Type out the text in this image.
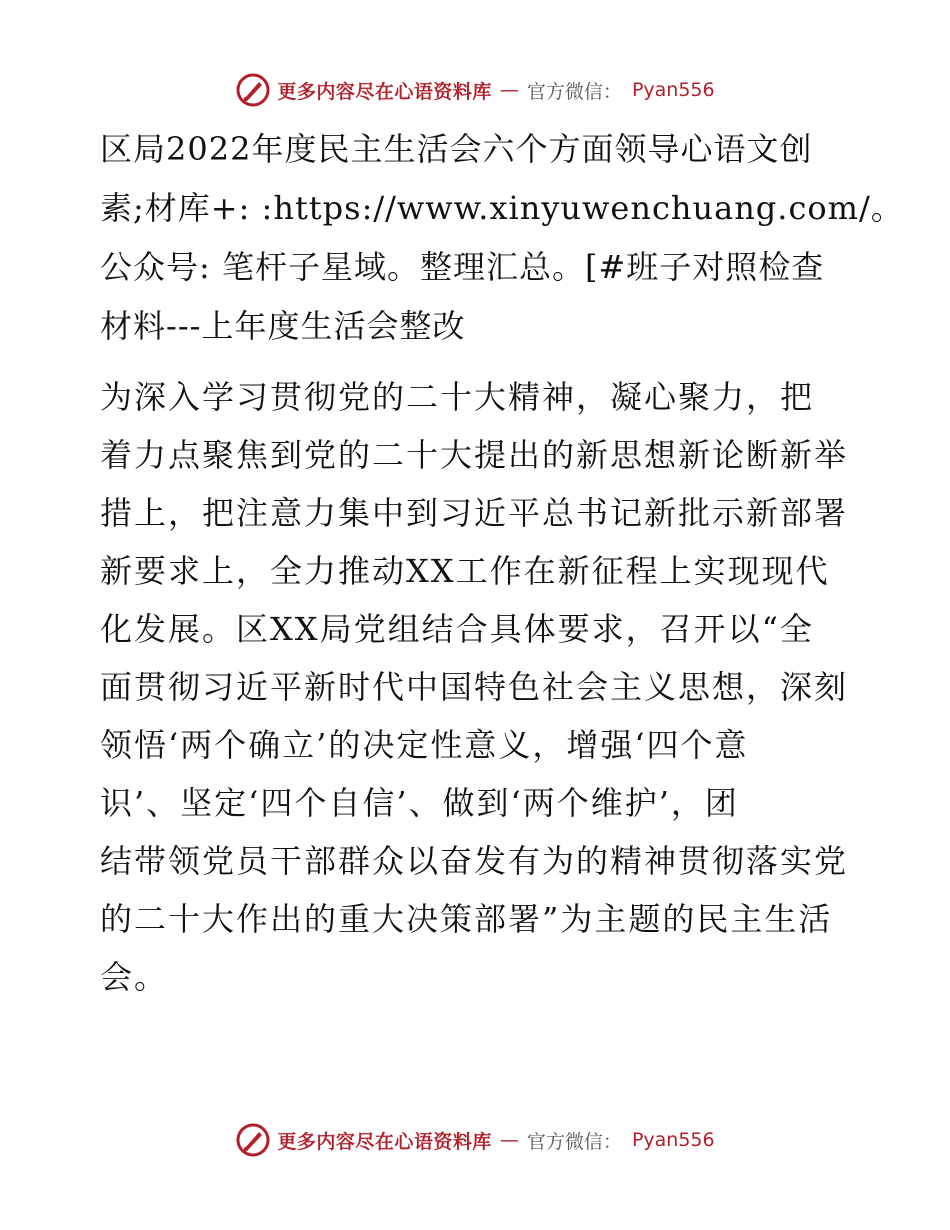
更多内容尽在心语资料库 — 官方微信： Pyan556
区局2022年度民主生活会六个方面领导心语文创
素;材库+: :https://www.xinyuwenchuang.com/。
公众号: 笔杆子星域。整理汇总。[#班子对照检查
材料---上年度生活会整改
为深入学习贯彻党的二十大精神，凝心聚力，把
着力点聚焦到党的二十大提出的新思想新论断新举
措上，把注意力集中到习近平总书记新批示新部署
新要求上，全力推动XX工作在新征程上实现现代
化发展。区XX局党组结合具体要求，召开以“全
面贯彻习近平新时代中国特色社会主义思想，深刻
领悟‘两个确立’的决定性意义，增强‘四个意
识’、坚定‘四个自信’、做到‘两个维护’，团
结带领党员干部群众以奋发有为的精神贯彻落实党
的二十大作出的重大决策部署”为主题的民主生活
会。
更多内容尽在心语资料库 — 官方微信： Pyan556
